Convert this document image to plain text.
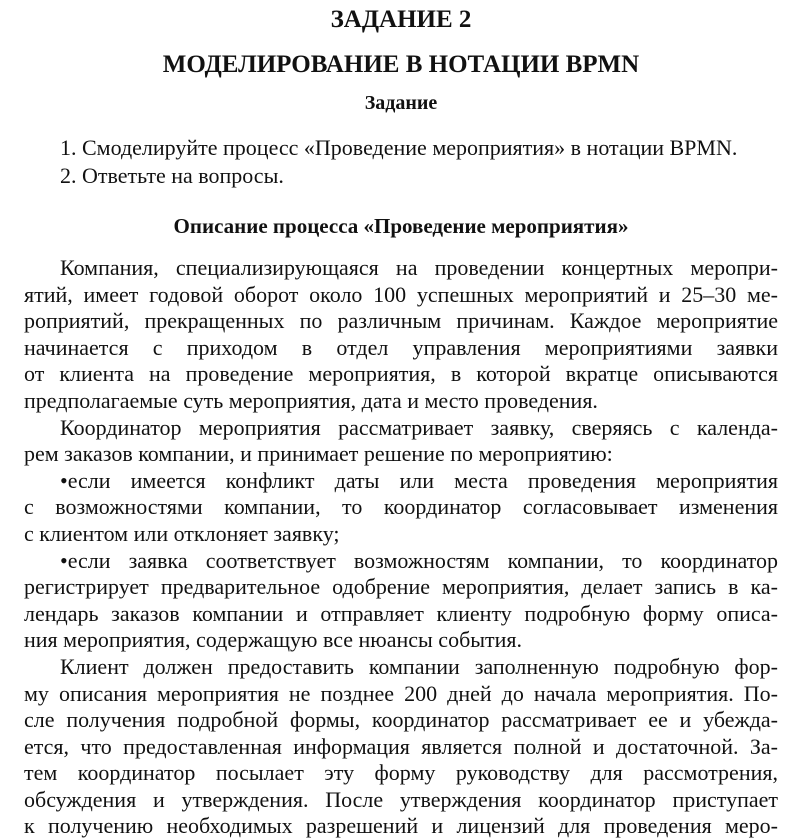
ЗАДАНИЕ 2
МОДЕЛИРОВАНИЕ В НОТАЦИИ BPMN
Задание
1. Смоделируйте процесс «Проведение мероприятия» в нотации BPMN.
2. Ответьте на вопросы.
Описание процесса «Проведение мероприятия»
Компания, специализирующаяся на проведении концертных меропри-
ятий, имеет годовой оборот около 100 успешных мероприятий и 25–30 ме-
роприятий, прекращенных по различным причинам. Каждое мероприятие
начинается с приходом в отдел управления мероприятиями заявки
от клиента на проведение мероприятия, в которой вкратце описываются
предполагаемые суть мероприятия, дата и место проведения.
Координатор мероприятия рассматривает заявку, сверяясь с календа-
рем заказов компании, и принимает решение по мероприятию:
•если имеется конфликт даты или места проведения мероприятия
с возможностями компании, то координатор согласовывает изменения
с клиентом или отклоняет заявку;
•если заявка соответствует возможностям компании, то координатор
регистрирует предварительное одобрение мероприятия, делает запись в ка-
лендарь заказов компании и отправляет клиенту подробную форму описа-
ния мероприятия, содержащую все нюансы события.
Клиент должен предоставить компании заполненную подробную фор-
му описания мероприятия не позднее 200 дней до начала мероприятия. По-
сле получения подробной формы, координатор рассматривает ее и убежда-
ется, что предоставленная информация является полной и достаточной. За-
тем координатор посылает эту форму руководству для рассмотрения,
обсуждения и утверждения. После утверждения координатор приступает
к получению необходимых разрешений и лицензий для проведения меро-
